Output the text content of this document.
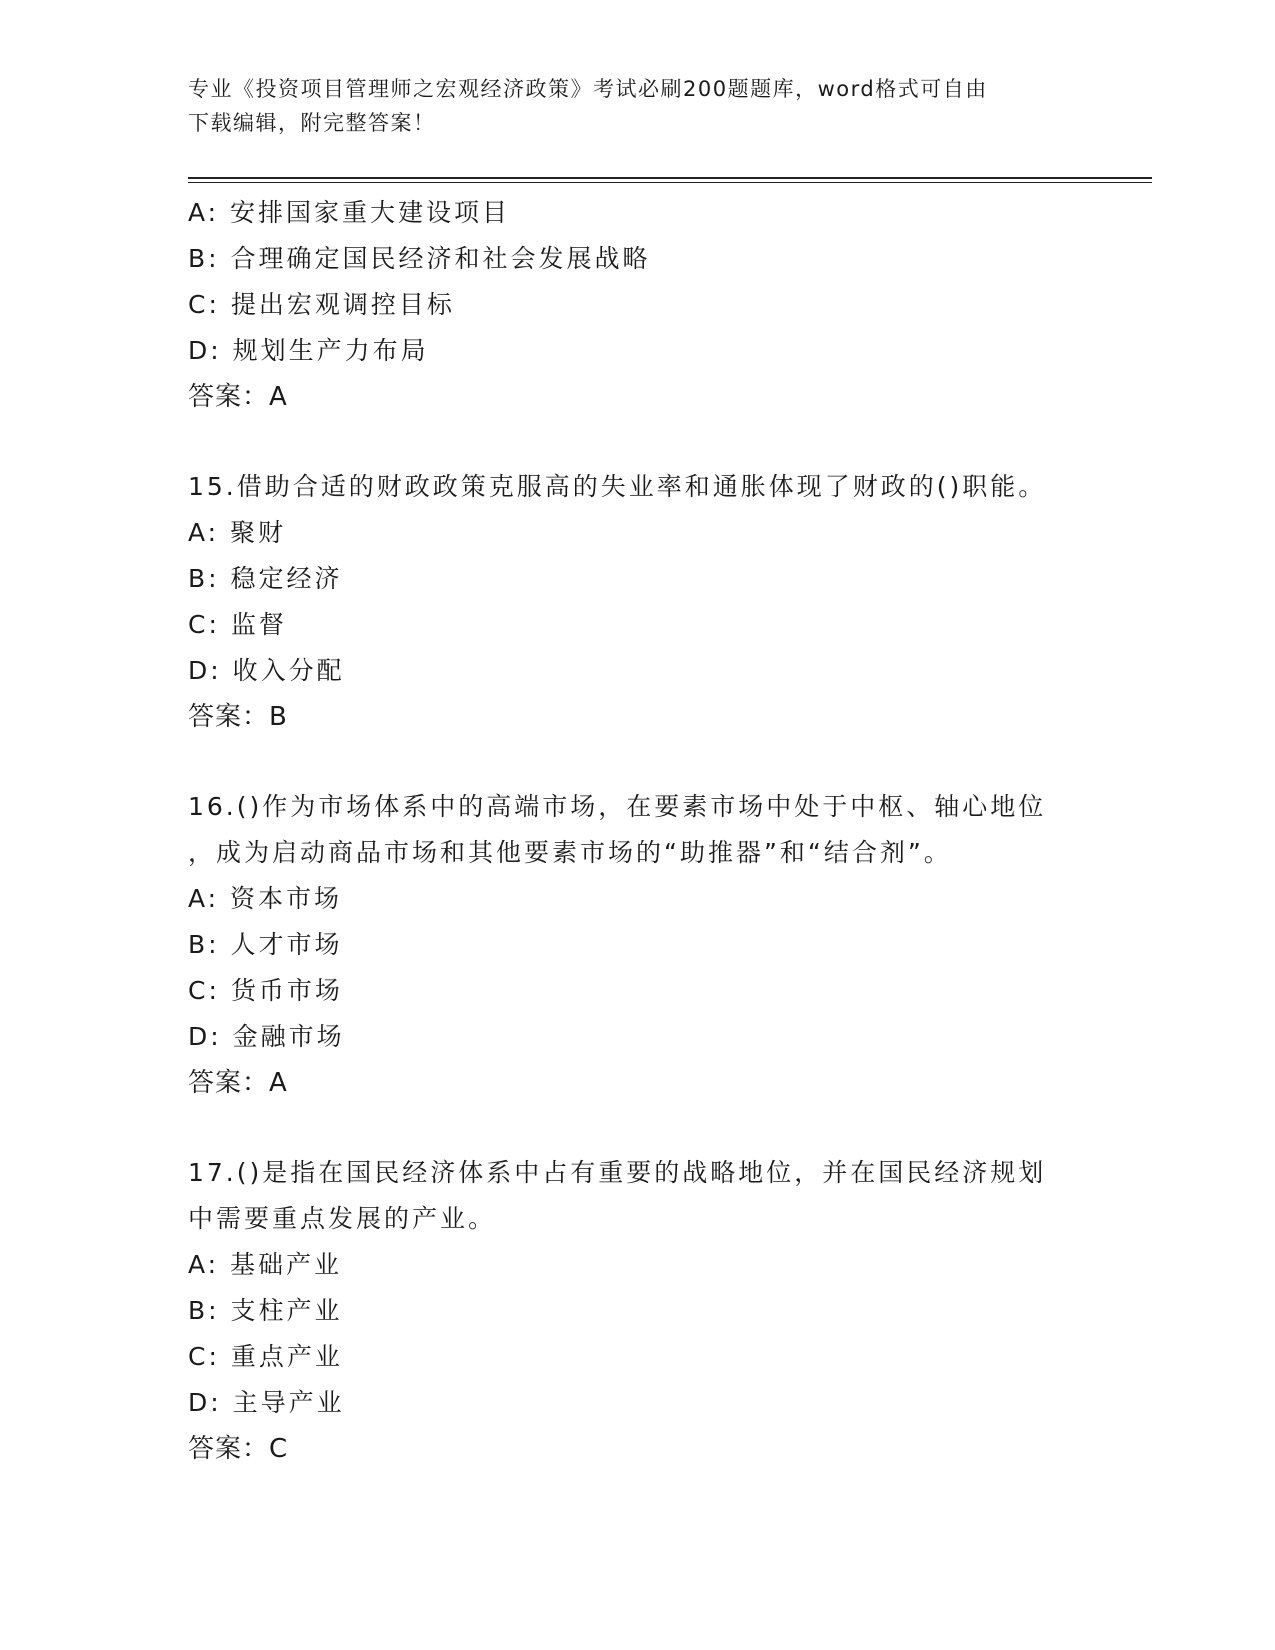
专业《投资项目管理师之宏观经济政策》考试必刷200题题库，word格式可自由
下载编辑，附完整答案！
A: 安排国家重大建设项目
B: 合理确定国民经济和社会发展战略
C: 提出宏观调控目标
D: 规划生产力布局
答案：A
15.借助合适的财政政策克服高的失业率和通胀体现了财政的()职能。
A: 聚财
B: 稳定经济
C: 监督
D: 收入分配
答案：B
16.()作为市场体系中的高端市场，在要素市场中处于中枢、轴心地位
，成为启动商品市场和其他要素市场的“助推器”和“结合剂”。
A: 资本市场
B: 人才市场
C: 货币市场
D: 金融市场
答案：A
17.()是指在国民经济体系中占有重要的战略地位，并在国民经济规划
中需要重点发展的产业。
A: 基础产业
B: 支柱产业
C: 重点产业
D: 主导产业
答案：C
